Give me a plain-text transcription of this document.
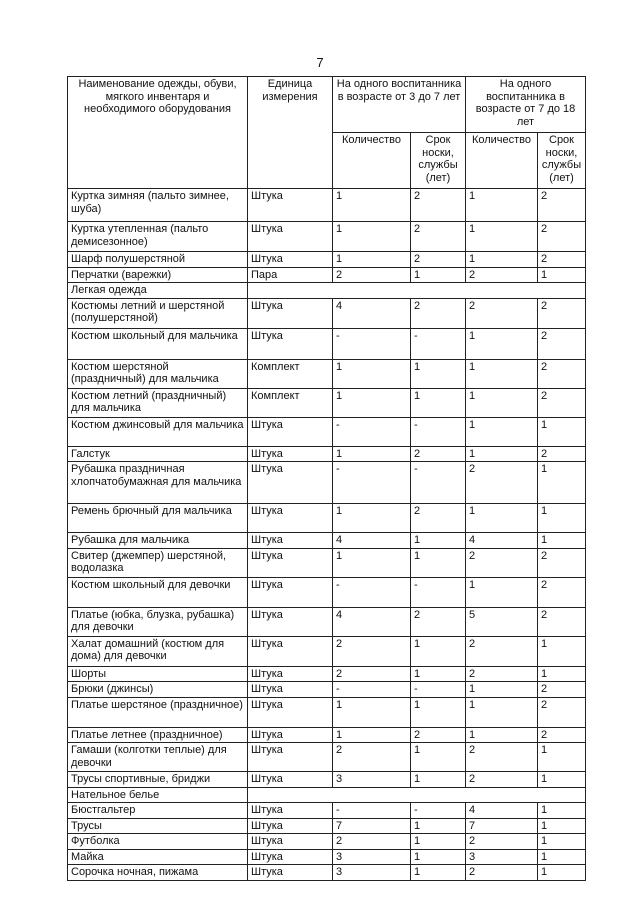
7
Наименование одежды, обуви, мягкого инвентаря и необходимого оборудования	Единица измерения	На одного воспитанника в возрасте от 3 до 7 лет		На одного воспитанника в возрасте от 7 до 18 лет	
		Количество	Срок носки, службы (лет)	Количество	Срок носки, службы (лет)
Куртка зимняя (пальто зимнее, шуба)	Штука	1	2	1	2
Куртка утепленная (пальто демисезонное)	Штука	1	2	1	2
Шарф полушерстяной	Штука	1	2	1	2
Перчатки (варежки)	Пара	2	1	2	1
Легкая одежда					
Костюмы летний и шерстяной (полушерстяной)	Штука	4	2	2	2
Костюм школьный для мальчика	Штука	-	-	1	2
Костюм шерстяной (праздничный) для мальчика	Комплект	1	1	1	2
Костюм летний (праздничный) для мальчика	Комплект	1	1	1	2
Костюм джинсовый для мальчика	Штука	-	-	1	1
Галстук	Штука	1	2	1	2
Рубашка праздничная хлопчатобумажная для мальчика	Штука	-	-	2	1
Ремень брючный для мальчика	Штука	1	2	1	1
Рубашка для мальчика	Штука	4	1	4	1
Свитер (джемпер) шерстяной, водолазка	Штука	1	1	2	2
Костюм школьный для девочки	Штука	-	-	1	2
Платье (юбка, блузка, рубашка) для девочки	Штука	4	2	5	2
Халат домашний (костюм для дома) для девочки	Штука	2	1	2	1
Шорты	Штука	2	1	2	1
Брюки (джинсы)	Штука	-	-	1	2
Платье шерстяное (праздничное)	Штука	1	1	1	2
Платье летнее (праздничное)	Штука	1	2	1	2
Гамаши (колготки теплые) для девочки	Штука	2	1	2	1
Трусы спортивные, бриджи	Штука	3	1	2	1
Нательное белье					
Бюстгальтер	Штука	-	-	4	1
Трусы	Штука	7	1	7	1
Футболка	Штука	2	1	2	1
Майка	Штука	3	1	3	1
Сорочка ночная, пижама	Штука	3	1	2	1
